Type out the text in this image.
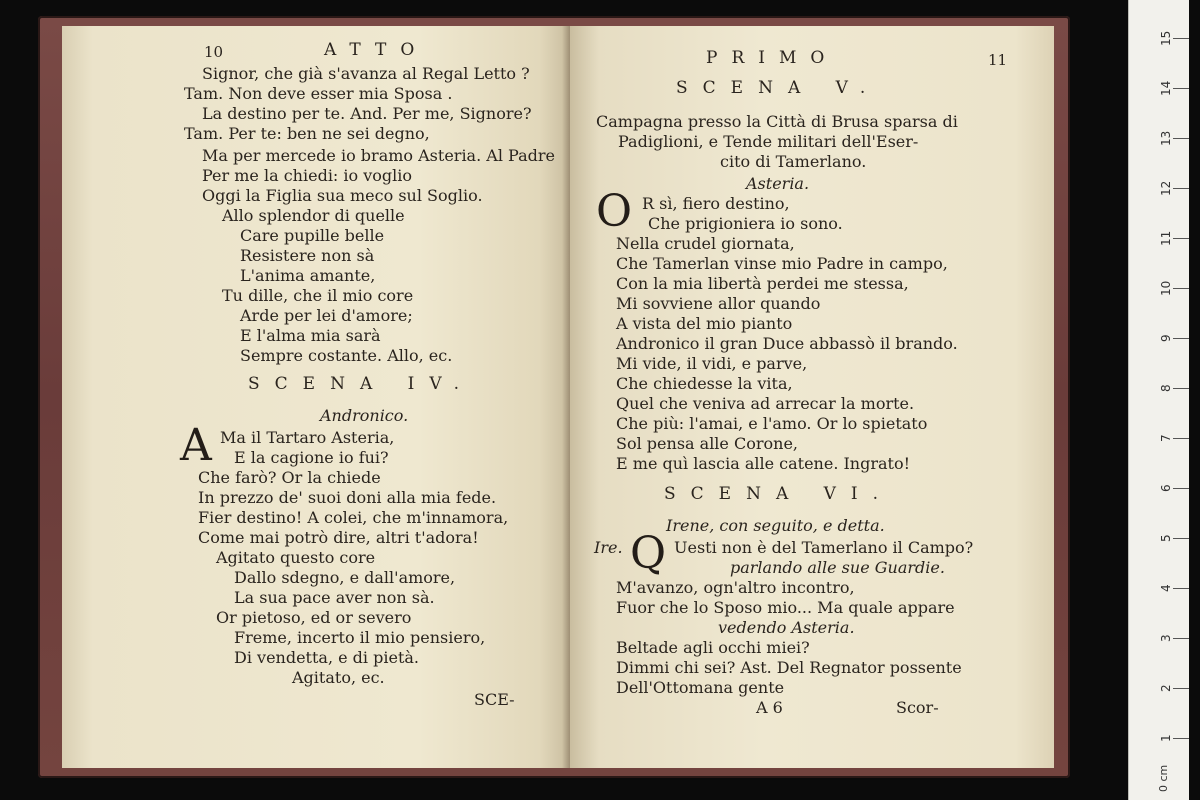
10	ATTO
Signor, che già s'avanza al Regal Letto ?
Tam. Non deve esser mia Sposa .
La destino per te. And. Per me, Signore?
Tam. Per te: ben ne sei degno,
Ma per mercede io bramo Asteria. Al Padre
Per me la chiedi: io voglio
Oggi la Figlia sua meco sul Soglio.
Allo splendor di quelle
Care pupille belle
Resistere non sà
L'anima amante,
Tu dille, che il mio core
Arde per lei d'amore;
E l'alma mia sarà
Sempre costante. Allo, ec.
SCENA IV.
Andronico.
A Ma il Tartaro Asteria,
E la cagione io fui?
Che farò? Or la chiede
In prezzo de' suoi doni alla mia fede.
Fier destino! A colei, che m'innamora,
Come mai potrò dire, altri t'adora!
Agitato questo core
Dallo sdegno, e dall'amore,
La sua pace aver non sà.
Or pietoso, ed or severo
Freme, incerto il mio pensiero,
Di vendetta, e di pietà.
Agitato, ec.
SCE-
PRIMO	11
SCENA V.
Campagna presso la Città di Brusa sparsa di
Padiglioni, e Tende militari dell'Eser-
cito di Tamerlano.
Asteria.
O R sì, fiero destino,
Che prigioniera io sono.
Nella crudel giornata,
Che Tamerlan vinse mio Padre in campo,
Con la mia libertà perdei me stessa,
Mi sovviene allor quando
A vista del mio pianto
Andronico il gran Duce abbassò il brando.
Mi vide, il vidi, e parve,
Che chiedesse la vita,
Quel che veniva ad arrecar la morte.
Che più: l'amai, e l'amo. Or lo spietato
Sol pensa alle Corone,
E me quì lascia alle catene. Ingrato!
SCENA VI.
Irene, con seguito, e detta.
Ire. Q Uesti non è del Tamerlano il Campo?
parlando alle sue Guardie.
M'avanzo, ogn'altro incontro,
Fuor che lo Sposo mio... Ma quale appare
vedendo Asteria.
Beltade agli occhi miei?
Dimmi chi sei? Ast. Del Regnator possente
Dell'Ottomana gente
A 6	Scor-
0 cm
1
2
3
4
5
6
7
8
9
10
11
12
13
14
15
